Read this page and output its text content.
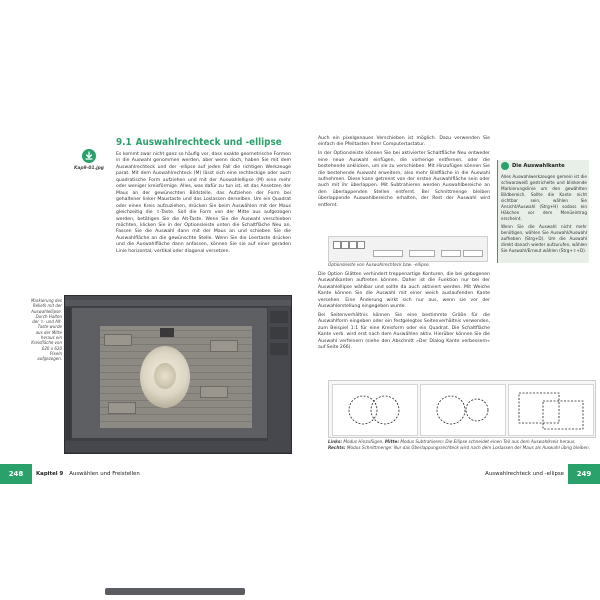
Kap9-01.jpg
9.1 Auswahlrechteck und -ellipse

Es kommt zwar nicht ganz so häufig vor, dass exakte geometrische Formen in die Auswahl genommen werden, aber wenn doch, haben Sie mit dem Auswahlrechteck und der -ellipse auf jeden Fall die richtigen Werkzeuge parat. Mit dem Auswahlrechteck (M) lässt sich eine rechteckige oder auch quadratische Form aufziehen und mit der Auswahlellipse (M) eine mehr oder weniger kreisförmige. Alles, was dafür zu tun ist, ist das Ansetzen der Maus an der gewünschten Bildstelle, das Aufziehen der Form bei gehaltener linker Maustaste und das Loslassen derselben. Um ein Quadrat oder einen Kreis aufzuziehen, drücken Sie beim Auswählen mit der Maus gleichzeitig die ⇧-Taste. Soll die Form von der Mitte aus aufgezogen werden, betätigen Sie die Alt-Taste. Wenn Sie die Auswahl verschieben möchten, klicken Sie in der Optionsleiste unten die Schaltfläche Neu an. Fassen Sie die Auswahl dann mit der Maus an und schieben Sie die Auswahlfläche an die gewünschte Stelle. Wenn Sie die Leertaste drücken und die Auswahlfläche dann anfassen, können Sie sie auf einer geraden Linie horizontal, vertikal oder diagonal versetzen.

Markierung des Reliefs mit der Auswahlellipse. Durch Halten der ⇧- und Alt-Taste wurde aus der Mitte heraus ein Kreisfläche von 620 x 620 Pixeln aufgezogen.

Auch ein pixelgenaues Verschieben ist möglich. Dazu verwenden Sie einfach die Pfeiltasten Ihrer Computertastatur.

In der Optionsleiste können Sie bei aktivierter Schaltfläche Neu entweder eine neue Auswahl einfügen, die vorherige entfernen, oder die bestehende anklicken, um sie zu verschieben. Mit Hinzufügen können Sie die bestehende Auswahl erweitern, also mehr Bildfläche in die Auswahl aufnehmen. Diese kann getrennt von der ersten Auswahlfläche sein oder auch mit ihr überlappen. Mit Subtrahieren werden Auswahlbereiche an den überlappenden Stellen entfernt. Bei Schnittmenge bleiben überlappende Auswahlbereiche erhalten, der Rest der Auswahl wird entfernt.

Optionsleiste von Auswahlrechteck bzw. -ellipse.

Die Option Glätten verhindert treppenartige Konturen, die bei gebogenen Auswahlkanten auftreten können. Daher ist die Funktion nur bei der Auswahlellipse wählbar und sollte da auch aktiviert werden. Mit Weiche Kante können Sie die Auswahl mit einer weich auslaufenden Kante versehen. Eine Änderung wirkt sich nur aus, wenn sie vor der Auswahlerstellung eingegeben wurde.

Bei Seitenverhältnis können Sie eine bestimmte Größe für die Auswahlform eingeben oder ein festgelegtes Seitenverhältnis verwenden, zum Beispiel 1:1 für eine Kreisform oder ein Quadrat. Die Schaltfläche Kante verb. wird erst nach dem Auswählen aktiv. Hierüber können Sie die Auswahl verfeinern (siehe den Abschnitt »Der Dialog Kante verbessern« auf Seite 266).

Die Auswahlkante

Alles Auswahlwerkzeugen gemein ist die schwarzweiß gestrichelte und blinkende Markierungslinie um den gewählten Bildbereich. Sollte die Kante nicht sichtbar sein, wählen Sie Ansicht/Auswahl (Strg+H) sodass ein Häkchen vor dem Menüeintrag erscheint.

Wenn Sie die Auswahl nicht mehr benötigen, wählen Sie Auswahl/Auswahl aufheben (Strg+D). Um die Auswahl direkt danach wieder aufzurufen, wählen Sie Auswahl/Erneut wählen (Strg+⇧+D).

Links: Modus Hinzufügen. Mitte: Modus Subtrahieren: Die Ellipse schneidet einen Teil aus dem Auswahlkreis heraus. Rechts: Modus Schnittmenge: Nur das Überlappungsrechteck wird nach dem Loslassen der Maus als Auswahl übrig bleiben.
248	Kapitel 9 Auswählen und Freistellen	Auswahlrechteck und -ellipse	249
